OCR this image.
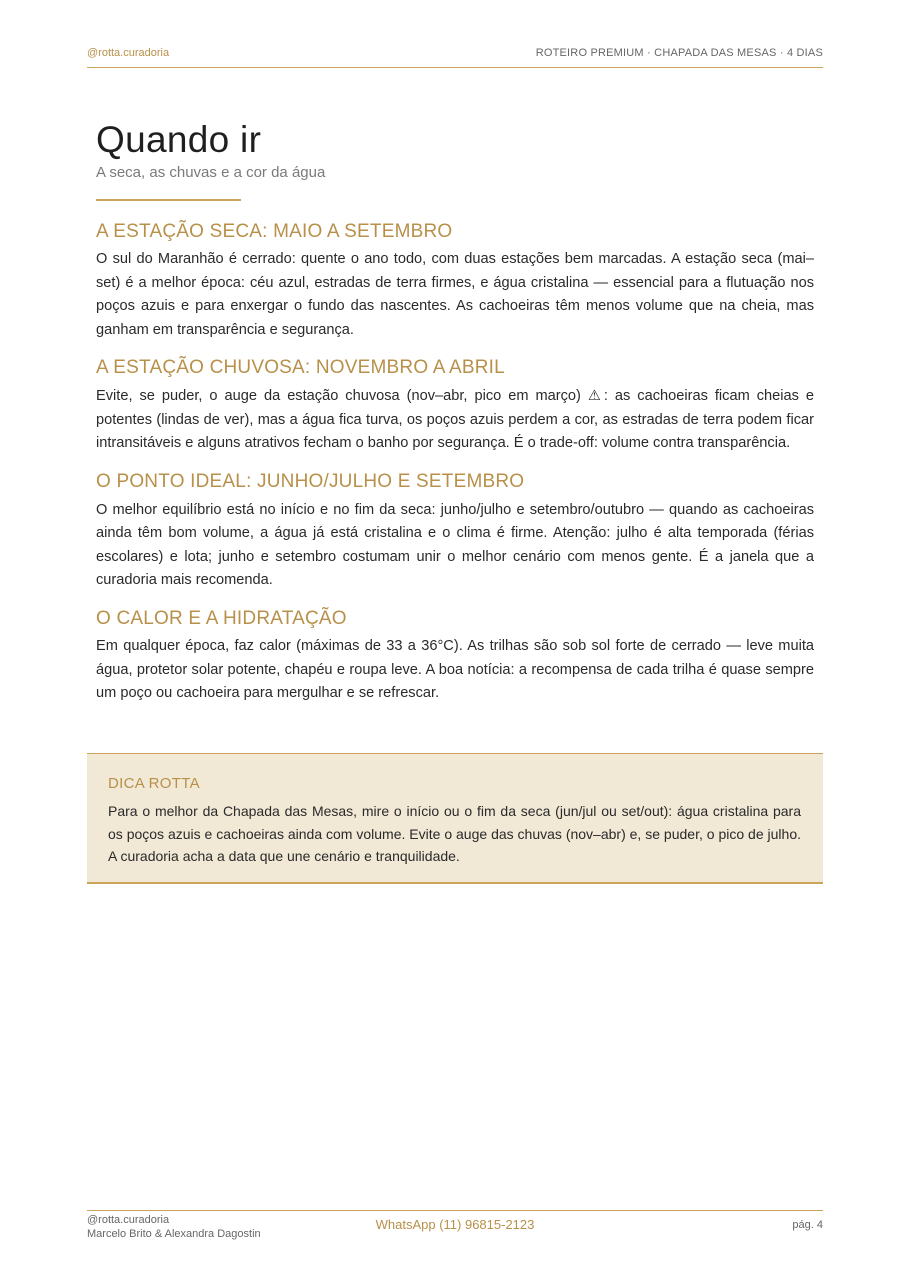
@rotta.curadoria	ROTEIRO PREMIUM · CHAPADA DAS MESAS · 4 DIAS
Quando ir
A seca, as chuvas e a cor da água
A ESTAÇÃO SECA: MAIO A SETEMBRO

O sul do Maranhão é cerrado: quente o ano todo, com duas estações bem marcadas. A estação seca (mai–set) é a melhor época: céu azul, estradas de terra firmes, e água cristalina — essencial para a flutuação nos poços azuis e para enxergar o fundo das nascentes. As cachoeiras têm menos volume que na cheia, mas ganham em transparência e segurança.

A ESTAÇÃO CHUVOSA: NOVEMBRO A ABRIL

Evite, se puder, o auge da estação chuvosa (nov–abr, pico em março) ⚠: as cachoeiras ficam cheias e potentes (lindas de ver), mas a água fica turva, os poços azuis perdem a cor, as estradas de terra podem ficar intransitáveis e alguns atrativos fecham o banho por segurança. É o trade-off: volume contra transparência.

O PONTO IDEAL: JUNHO/JULHO E SETEMBRO

O melhor equilíbrio está no início e no fim da seca: junho/julho e setembro/outubro — quando as cachoeiras ainda têm bom volume, a água já está cristalina e o clima é firme. Atenção: julho é alta temporada (férias escolares) e lota; junho e setembro costumam unir o melhor cenário com menos gente. É a janela que a curadoria mais recomenda.

O CALOR E A HIDRATAÇÃO

Em qualquer época, faz calor (máximas de 33 a 36°C). As trilhas são sob sol forte de cerrado — leve muita água, protetor solar potente, chapéu e roupa leve. A boa notícia: a recompensa de cada trilha é quase sempre um poço ou cachoeira para mergulhar e se refrescar.

DICA ROTTA
Para o melhor da Chapada das Mesas, mire o início ou o fim da seca (jun/jul ou set/out): água cristalina para os poços azuis e cachoeiras ainda com volume. Evite o auge das chuvas (nov–abr) e, se puder, o pico de julho. A curadoria acha a data que une cenário e tranquilidade.
@rotta.curadoria
Marcelo Brito & Alexandra Dagostin
WhatsApp (11) 96815-2123	pág. 4
